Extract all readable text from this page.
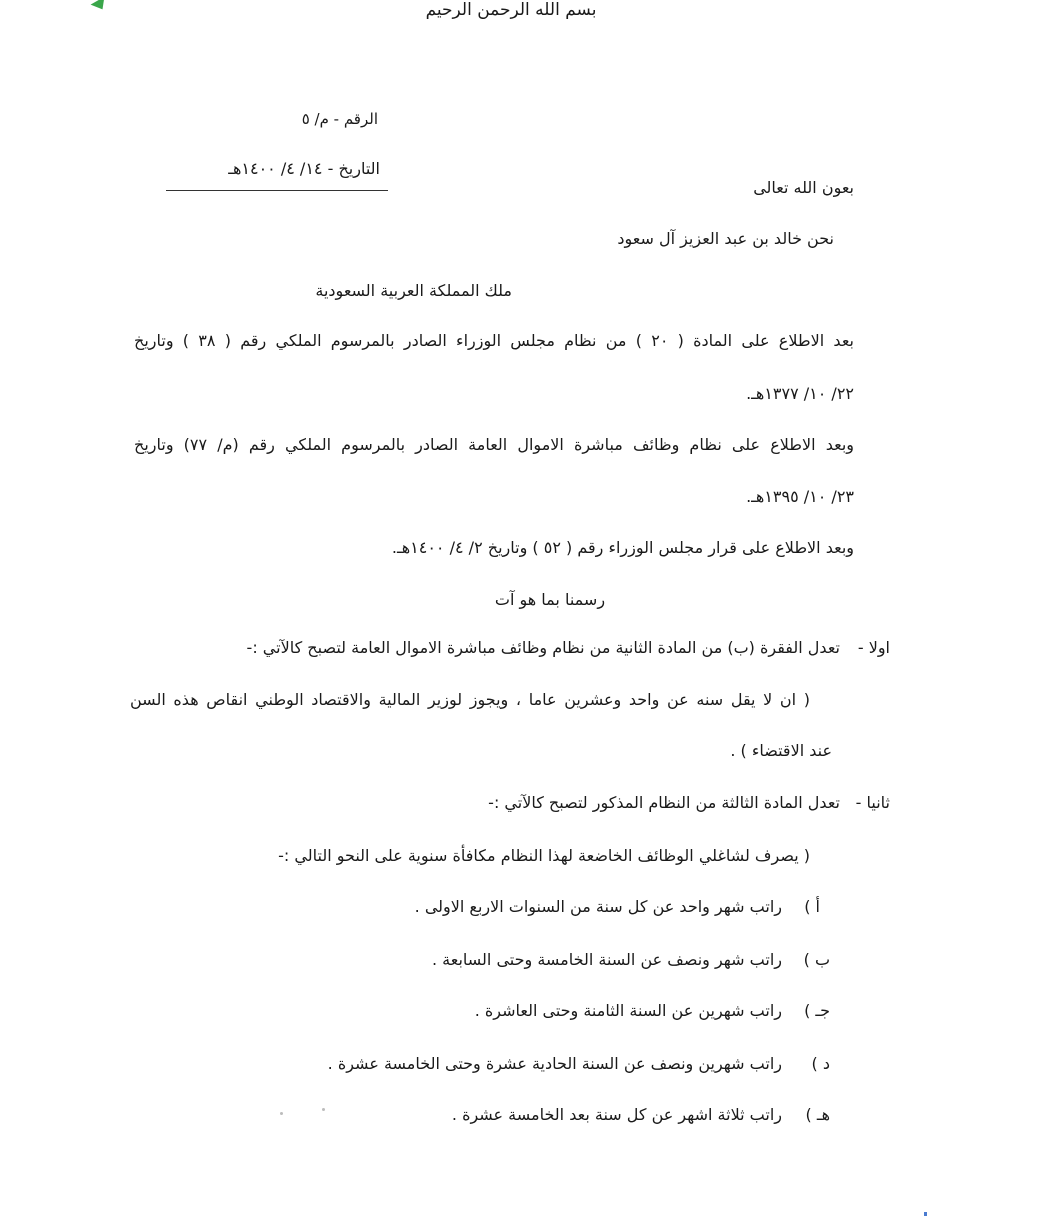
بسم الله الرحمن الرحيم
الرقم - م/ ٥
التاريخ - ١٤/ ٤/ ١٤٠٠هـ
بعون الله تعالى
نحن خالد بن عبد العزيز آل سعود
ملك المملكة العربية السعودية
بعد الاطلاع على المادة ( ٢٠ ) من نظام مجلس الوزراء الصادر بالمرسوم الملكي رقم ( ٣٨ ) وتاريخ
٢٢/ ١٠/ ١٣٧٧هـ.
وبعد الاطلاع على نظام وظائف مباشرة الاموال العامة الصادر بالمرسوم الملكي رقم (م/ ٧٧) وتاريخ
٢٣/ ١٠/ ١٣٩٥هـ.
وبعد الاطلاع على قرار مجلس الوزراء رقم ( ٥٢ ) وتاريخ ٢/ ٤/ ١٤٠٠هـ.
رسمنا بما هو آت
اولا -
تعدل الفقرة (ب) من المادة الثانية من نظام وظائف مباشرة الاموال العامة لتصبح كالآتي :-
( ان لا يقل سنه عن واحد وعشرين عاما ، ويجوز لوزير المالية والاقتصاد الوطني انقاص هذه السن
عند الاقتضاء ) .
ثانيا -
تعدل المادة الثالثة من النظام المذكور لتصبح كالآتي :-
( يصرف لشاغلي الوظائف الخاضعة لهذا النظام مكافأة سنوية على النحو التالي :-
أ )
راتب شهر واحد عن كل سنة من السنوات الاربع الاولى .
ب )
راتب شهر ونصف عن السنة الخامسة وحتى السابعة .
جـ )
راتب شهرين عن السنة الثامنة وحتى العاشرة .
د )
راتب شهرين ونصف عن السنة الحادية عشرة وحتى الخامسة عشرة .
هـ )
راتب ثلاثة اشهر عن كل سنة بعد الخامسة عشرة .
